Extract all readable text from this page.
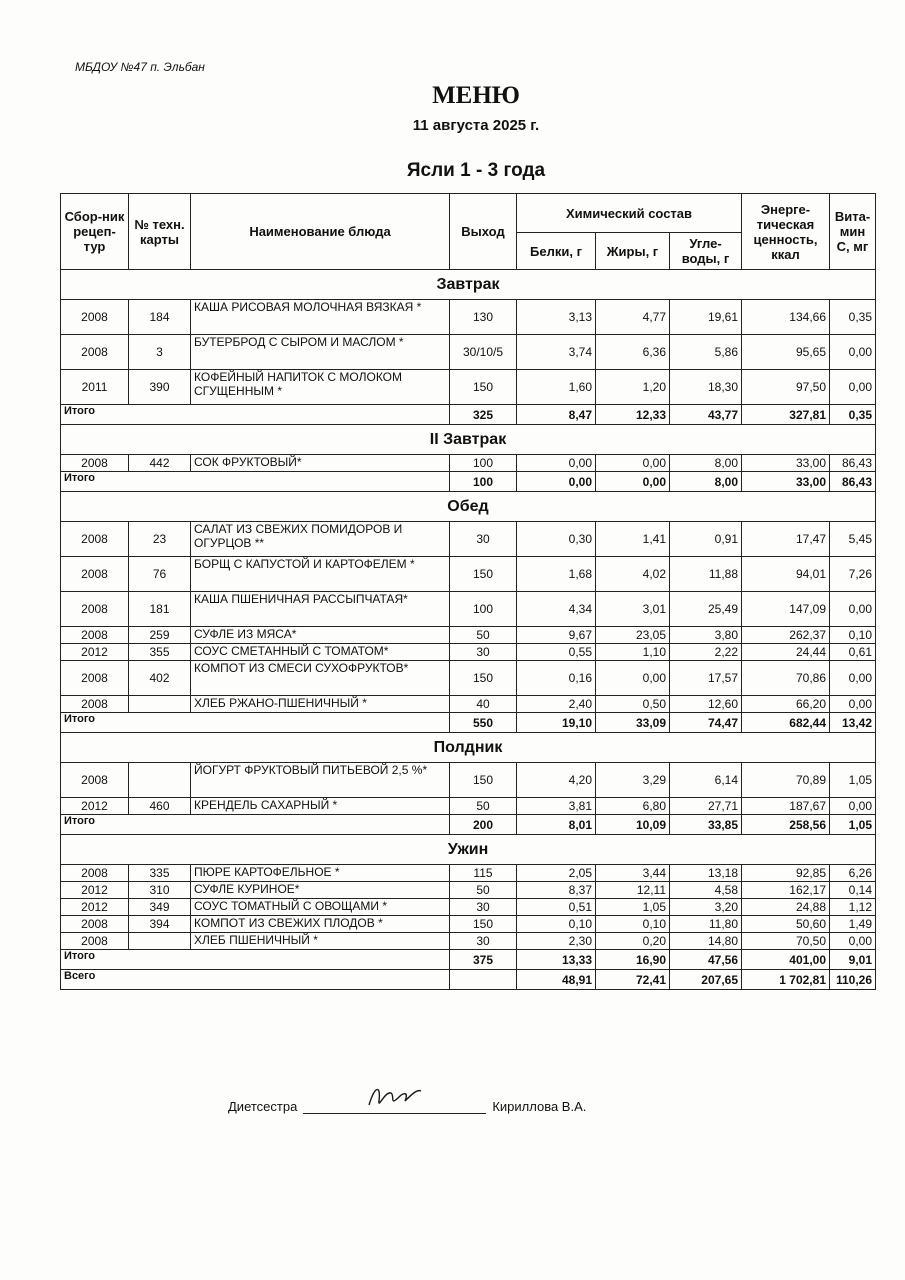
МБДОУ №47 п. Эльбан
МЕНЮ
11 августа 2025 г.
Ясли 1 - 3 года
Сбор-ник рецеп-тур	№ техн. карты	Наименование блюда	Выход	Химический состав			Энерге-тическая ценность, ккал	Вита-мин С, мг
				Белки, г	Жиры, г	Угле-воды, г		
Завтрак								
2008	184	КАША РИСОВАЯ МОЛОЧНАЯ ВЯЗКАЯ *	130	3,13	4,77	19,61	134,66	0,35
2008	3	БУТЕРБРОД С СЫРОМ И МАСЛОМ *	30/10/5	3,74	6,36	5,86	95,65	0,00
2011	390	КОФЕЙНЫЙ НАПИТОК С МОЛОКОМ СГУЩЕННЫМ *	150	1,60	1,20	18,30	97,50	0,00
Итого			325	8,47	12,33	43,77	327,81	0,35
II Завтрак								
2008	442	СОК ФРУКТОВЫЙ*	100	0,00	0,00	8,00	33,00	86,43
Итого			100	0,00	0,00	8,00	33,00	86,43
Обед								
2008	23	САЛАТ ИЗ СВЕЖИХ ПОМИДОРОВ И ОГУРЦОВ **	30	0,30	1,41	0,91	17,47	5,45
2008	76	БОРЩ С КАПУСТОЙ И КАРТОФЕЛЕМ *	150	1,68	4,02	11,88	94,01	7,26
2008	181	КАША ПШЕНИЧНАЯ РАССЫПЧАТАЯ*	100	4,34	3,01	25,49	147,09	0,00
2008	259	СУФЛЕ ИЗ МЯСА*	50	9,67	23,05	3,80	262,37	0,10
2012	355	СОУС СМЕТАННЫЙ С ТОМАТОМ*	30	0,55	1,10	2,22	24,44	0,61
2008	402	КОМПОТ ИЗ СМЕСИ СУХОФРУКТОВ*	150	0,16	0,00	17,57	70,86	0,00
2008		ХЛЕБ РЖАНО-ПШЕНИЧНЫЙ *	40	2,40	0,50	12,60	66,20	0,00
Итого			550	19,10	33,09	74,47	682,44	13,42
Полдник								
2008		ЙОГУРТ ФРУКТОВЫЙ ПИТЬЕВОЙ 2,5 %*	150	4,20	3,29	6,14	70,89	1,05
2012	460	КРЕНДЕЛЬ САХАРНЫЙ *	50	3,81	6,80	27,71	187,67	0,00
Итого			200	8,01	10,09	33,85	258,56	1,05
Ужин								
2008	335	ПЮРЕ КАРТОФЕЛЬНОЕ *	115	2,05	3,44	13,18	92,85	6,26
2012	310	СУФЛЕ КУРИНОЕ*	50	8,37	12,11	4,58	162,17	0,14
2012	349	СОУС ТОМАТНЫЙ С ОВОЩАМИ *	30	0,51	1,05	3,20	24,88	1,12
2008	394	КОМПОТ ИЗ СВЕЖИХ ПЛОДОВ *	150	0,10	0,10	11,80	50,60	1,49
2008		ХЛЕБ ПШЕНИЧНЫЙ *	30	2,30	0,20	14,80	70,50	0,00
Итого			375	13,33	16,90	47,56	401,00	9,01
Всего				48,91	72,41	207,65	1 702,81	110,26
Диетсестра	Кириллова В.А.
